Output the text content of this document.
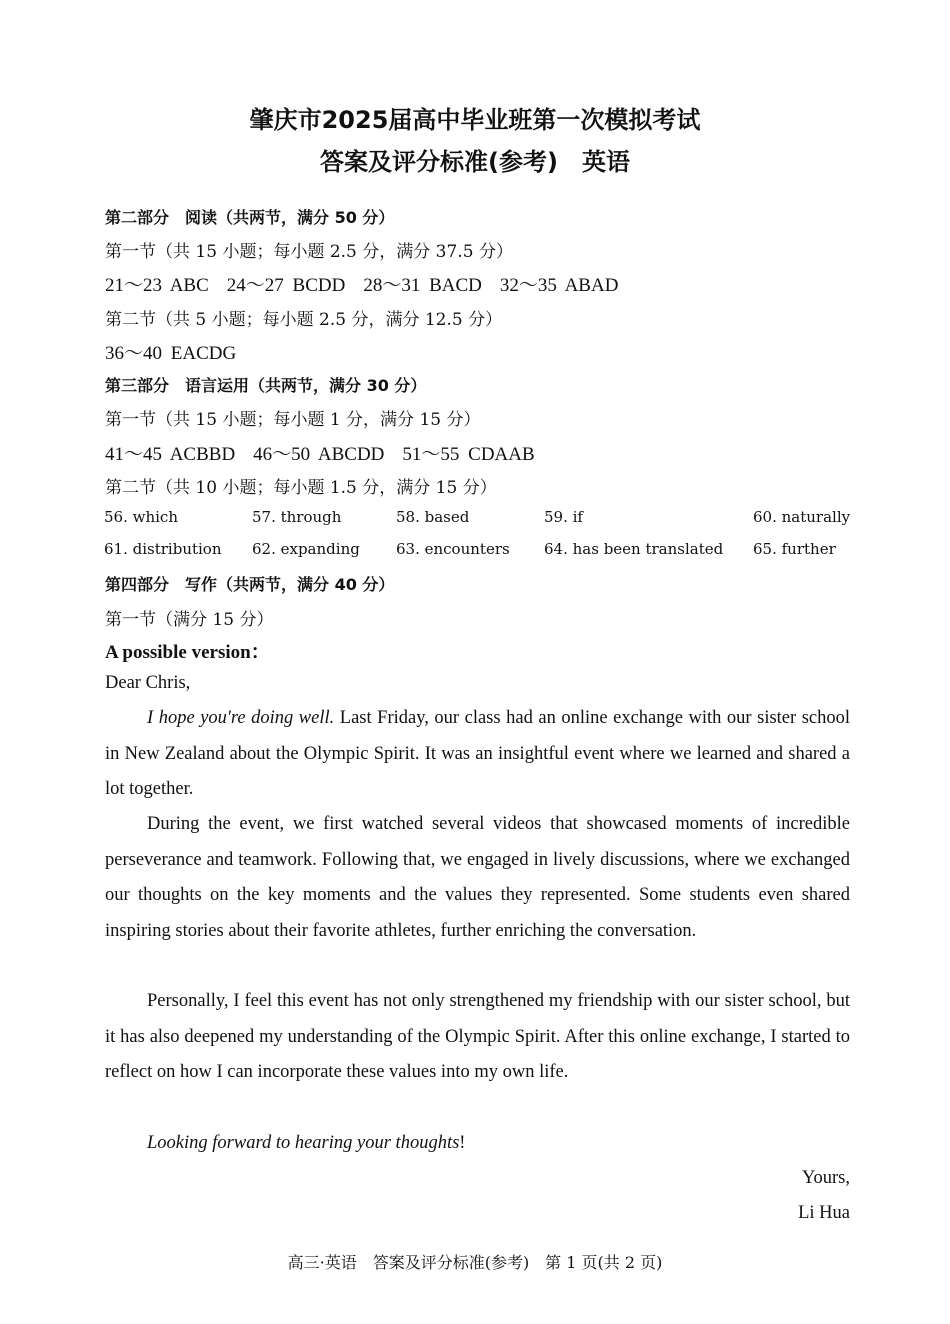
肇庆市2025届高中毕业班第一次模拟考试
答案及评分标准(参考)　英语
第二部分　阅读（共两节，满分 50 分）
第一节（共 15 小题；每小题 2.5 分，满分 37.5 分）
21～23 ABC 24～27 BCDD 28～31 BACD 32～35 ABAD
第二节（共 5 小题；每小题 2.5 分，满分 12.5 分）
36～40 EACDG
第三部分　语言运用（共两节，满分 30 分）
第一节（共 15 小题；每小题 1 分，满分 15 分）
41～45 ACBBD 46～50 ABCDD 51～55 CDAAB
第二节（共 10 小题；每小题 1.5 分，满分 15 分）
56. which	57. through	58. based	59. if	60. naturally
61. distribution 62. expanding 63. encounters 64. has been translated 65. further
第四部分　写作（共两节，满分 40 分）
第一节（满分 15 分）
A possible version：
Dear Chris,
I hope you're doing well. Last Friday, our class had an online exchange with our sister school in New Zealand about the Olympic Spirit. It was an insightful event where we learned and shared a lot together.
During the event, we first watched several videos that showcased moments of incredible perseverance and teamwork. Following that, we engaged in lively discussions, where we exchanged our thoughts on the key moments and the values they represented. Some students even shared inspiring stories about their favorite athletes, further enriching the conversation.
Personally, I feel this event has not only strengthened my friendship with our sister school, but it has also deepened my understanding of the Olympic Spirit. After this online exchange, I started to reflect on how I can incorporate these values into my own life.
Looking forward to hearing your thoughts!
Yours,
Li Hua
高三·英语　答案及评分标准(参考)　第 1 页(共 2 页)
